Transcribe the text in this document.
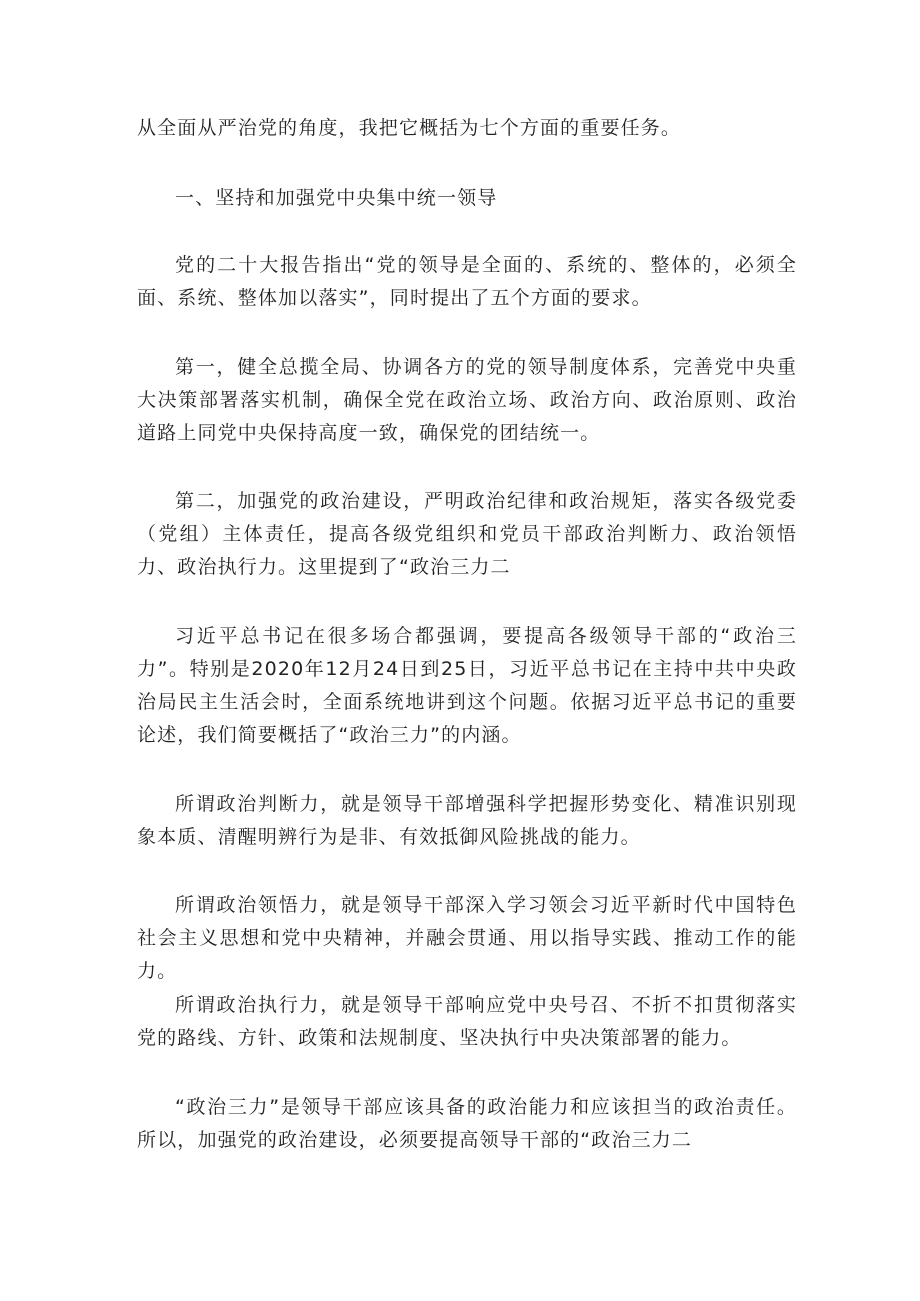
从全面从严治党的角度，我把它概括为七个方面的重要任务。

一、坚持和加强党中央集中统一领导

党的二十大报告指出“党的领导是全面的、系统的、整体的，必须全面、系统、整体加以落实”，同时提出了五个方面的要求。

第一，健全总揽全局、协调各方的党的领导制度体系，完善党中央重大决策部署落实机制，确保全党在政治立场、政治方向、政治原则、政治道路上同党中央保持高度一致，确保党的团结统一。

第二，加强党的政治建设，严明政治纪律和政治规矩，落实各级党委（党组）主体责任，提高各级党组织和党员干部政治判断力、政治领悟力、政治执行力。这里提到了“政治三力二

习近平总书记在很多场合都强调，要提高各级领导干部的“政治三力”。特别是2020年12月24日到25日，习近平总书记在主持中共中央政治局民主生活会时，全面系统地讲到这个问题。依据习近平总书记的重要论述，我们简要概括了“政治三力”的内涵。

所谓政治判断力，就是领导干部增强科学把握形势变化、精准识别现象本质、清醒明辨行为是非、有效抵御风险挑战的能力。

所谓政治领悟力，就是领导干部深入学习领会习近平新时代中国特色社会主义思想和党中央精神，并融会贯通、用以指导实践、推动工作的能力。

所谓政治执行力，就是领导干部响应党中央号召、不折不扣贯彻落实党的路线、方针、政策和法规制度、坚决执行中央决策部署的能力。

“政治三力”是领导干部应该具备的政治能力和应该担当的政治责任。所以，加强党的政治建设，必须要提高领导干部的“政治三力二
